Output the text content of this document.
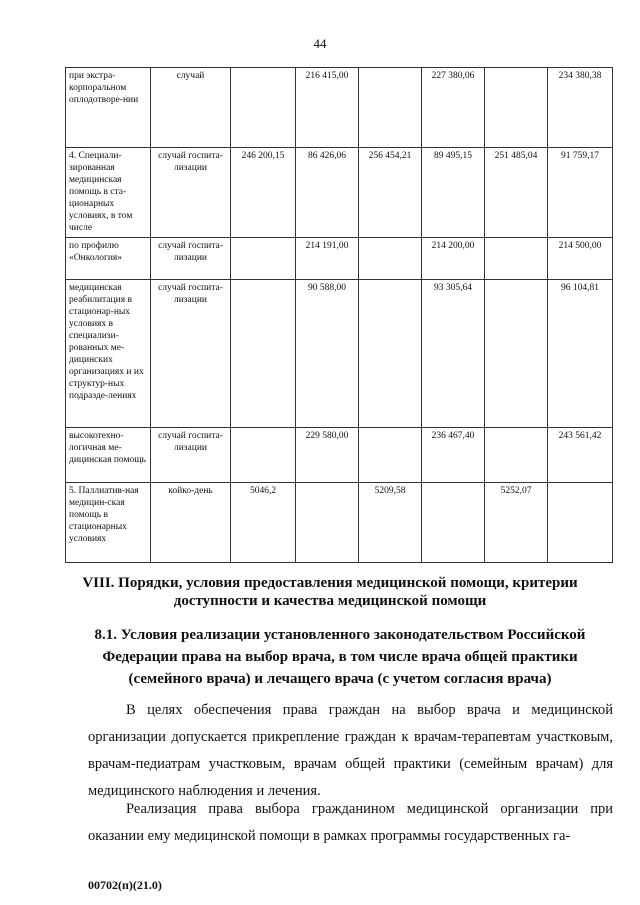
44
при экстра-корпоральном оплодотворе-нии	случай		216 415,00		227 380,06		234 380,38
4. Специали-зированная медицинская помощь в ста-ционарных условиях, в том числе	случай госпита-лизации	246 200,15	86 426,06	256 454,21	89 495,15	251 485,04	91 759,17
по профилю «Онкология»	случай госпита-лизации		214 191,00		214 200,00		214 500,00
медицинская реабилитация в стационар-ных условиях в специализи-рованных ме-дицинских организациях и их структур-ных подразде-лениях	случай госпита-лизации		90 588,00		93 305,64		96 104,81
высокотехно-логичная ме-дицинская помощь	случай госпита-лизации		229 580,00		236 467,40		243 561,42
5. Паллиатив-ная медицин-ская помощь в стационарных условиях	койко-день	5046,2		5209,58		5252,07	
VIII. Порядки, условия предоставления медицинской помощи, критерии доступности и качества медицинской помощи
8.1. Условия реализации установленного законодательством Российской Федерации права на выбор врача, в том числе врача общей практики (семейного врача) и лечащего врача (с учетом согласия врача)
В целях обеспечения права граждан на выбор врача и медицинской организации допускается прикрепление граждан к врачам-терапевтам участковым, врачам-педиатрам участковым, врачам общей практики (семейным врачам) для медицинского наблюдения и лечения.
Реализация права выбора гражданином медицинской организации при оказании ему медицинской помощи в рамках программы государственных га-
00702(п)(21.0)
